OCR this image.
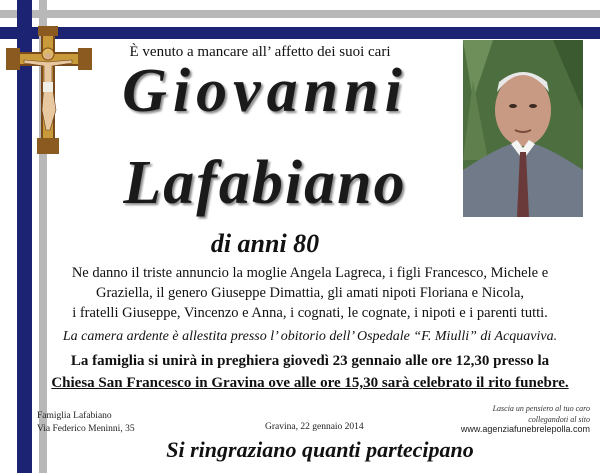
È venuto a mancare all’ affetto dei suoi cari
Giovanni
Lafabiano
di anni 80
Ne danno il triste annuncio la moglie Angela Lagreca, i figli Francesco, Michele e
Graziella, il genero Giuseppe Dimattia, gli amati nipoti Floriana e Nicola,
i fratelli Giuseppe, Vincenzo e Anna, i cognati, le cognate, i nipoti e i parenti tutti.
La camera ardente è allestita presso l’ obitorio dell’ Ospedale “F. Miulli” di Acquaviva.
La famiglia si unirà in preghiera giovedì 23 gennaio alle ore 12,30 presso la
Chiesa San Francesco in Gravina ove alle ore 15,30 sarà celebrato il rito funebre.
Famiglia Lafabiano
Via Federico Meninni, 35	Gravina, 22 gennaio 2014
Lascia un pensiero al tuo caro
collegandoti al sito
www.agenziafunebrelepolla.com
Si ringraziano quanti partecipano
